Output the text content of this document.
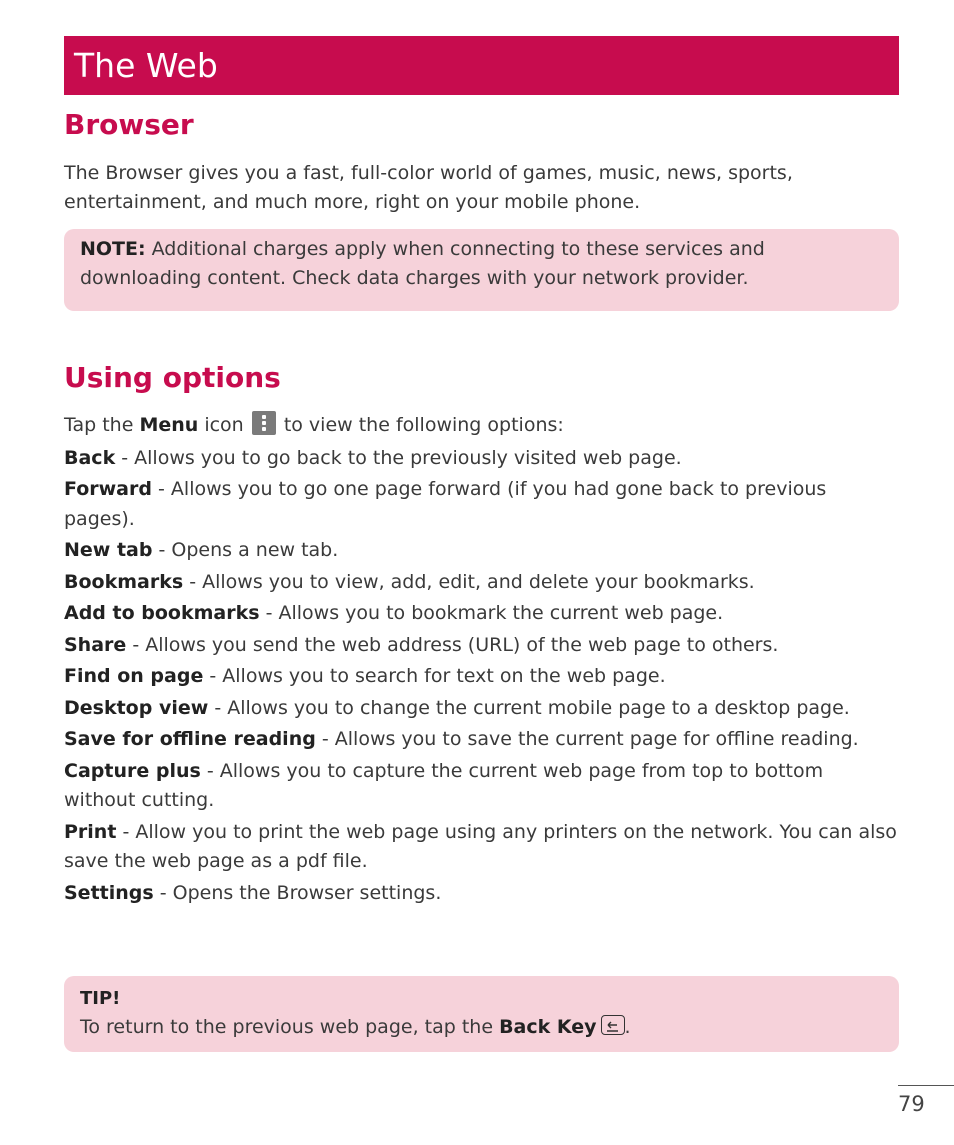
The Web
Browser

The Browser gives you a fast, full-color world of games, music, news, sports, entertainment, and much more, right on your mobile phone.

NOTE: Additional charges apply when connecting to these services and downloading content. Check data charges with your network provider.

Using options

Tap the Menu icon
to view the following options:

Back - Allows you to go back to the previously visited web page.

Forward - Allows you to go one page forward (if you had gone back to previous pages).

New tab - Opens a new tab.

Bookmarks - Allows you to view, add, edit, and delete your bookmarks.

Add to bookmarks - Allows you to bookmark the current web page.

Share - Allows you send the web address (URL) of the web page to others.

Find on page - Allows you to search for text on the web page.

Desktop view - Allows you to change the current mobile page to a desktop page.

Save for offline reading - Allows you to save the current page for offline reading.

Capture plus - Allows you to capture the current web page from top to bottom without cutting.

Print - Allow you to print the web page using any printers on the network. You can also save the web page as a pdf file.

Settings - Opens the Browser settings.

TIP!

To return to the previous web page, tap the Back Key .

79
